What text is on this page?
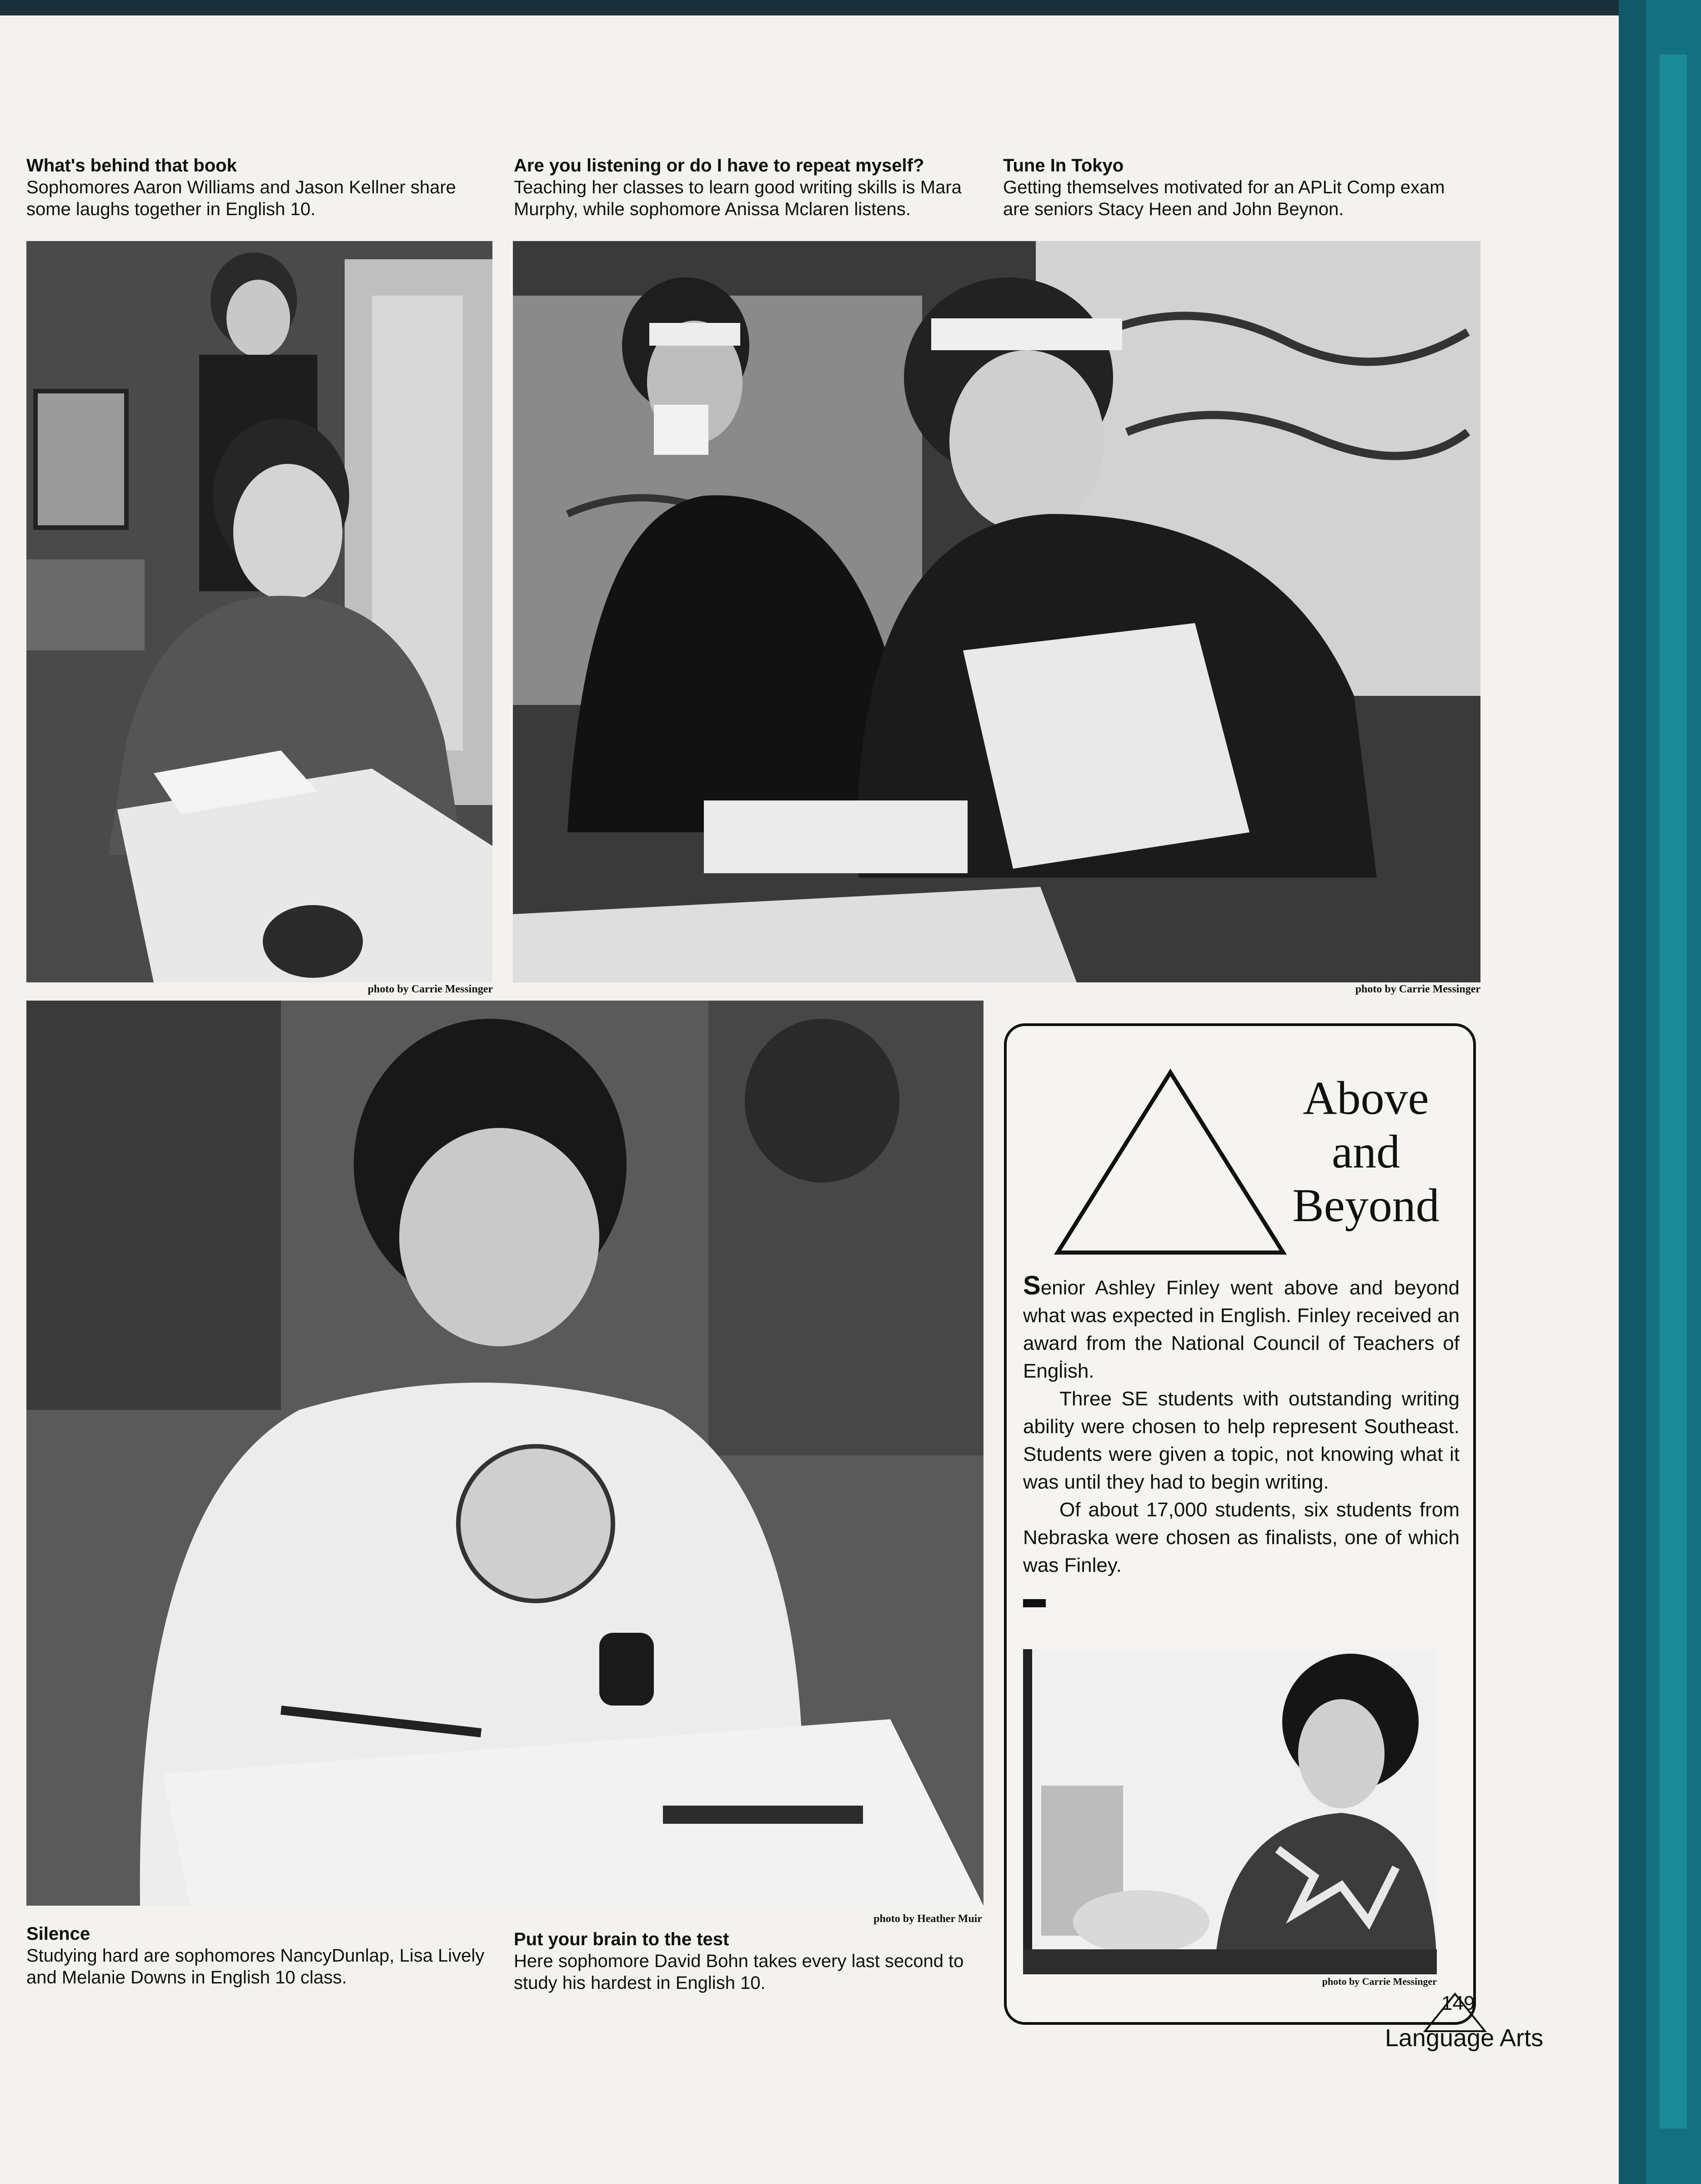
What's behind that book
Sophomores Aaron Williams and Jason Kellner share
some laughs together in English 10.
Are you listening or do I have to repeat myself?
Teaching her classes to learn good writing skills is Mara
Murphy, while sophomore Anissa Mclaren listens.
Tune In Tokyo
Getting themselves motivated for an APLit Comp exam
are seniors Stacy Heen and John Beynon.
photo by Carrie Messinger	photo by Carrie Messinger
photo by Heather Muir
Silence
Studying hard are sophomores NancyDunlap, Lisa Lively
and Melanie Downs in English 10 class.
Put your brain to the test
Here sophomore David Bohn takes every last second to
study his hardest in English 10.
Above
and
Beyond

Senior Ashley Finley went above and beyond what was expected in English. Finley received an award from the National Council of Teachers of Engl̇ish.

Three SE students with outstanding writing ability were chosen to help represent Southeast. Students were given a topic, not knowing what it was until they had to begin writing.

Of about 17,000 students, six students from Nebraska were chosen as finalists, one of which was Finley.

photo by Carrie Messinger
149
Language Arts
